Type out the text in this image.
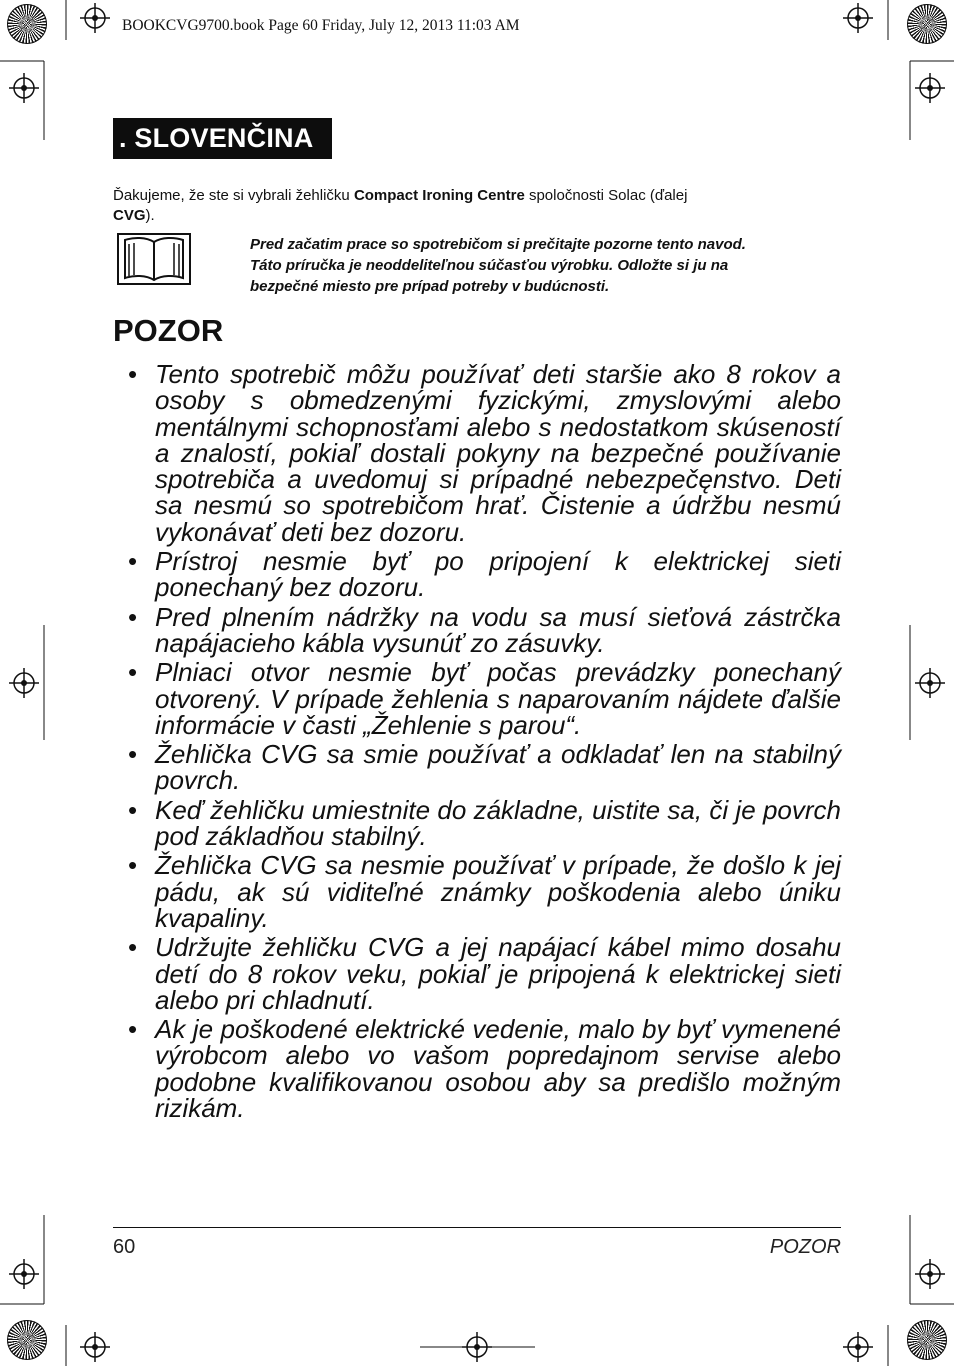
BOOKCVG9700.book Page 60 Friday, July 12, 2013 11:03 AM
. SLOVENČINA

Ďakujeme, že ste si vybrali žehličku Compact Ironing Centre spoločnosti Solac (ďalej
CVG).

Pred začatim prace so spotrebičom si prečitajte pozorne tento navod.
Táto príručka je neoddeliteľnou súčasťou výrobku. Odložte si ju na
bezpečné miesto pre prípad potreby v budúcnosti.
POZOR
• Tento spotrebič môžu používať deti staršie ako 8 rokov a osoby s obmedzenými fyzickými, zmyslovými alebo mentálnymi schopnosťami alebo s nedostatkom skúseností a znalostí, pokiaľ dostali pokyny na bezpečné používanie spotrebiča a uvedomuj si prípadné nebezpečęnstvo. Deti sa nesmú so spotrebičom hrať. Čistenie a údržbu nesmú vykonávať deti bez dozoru.
• Prístroj nesmie byť po pripojení k elektrickej sieti ponechaný bez dozoru.
• Pred plnením nádržky na vodu sa musí sieťová zástrčka napájacieho kábla vysunúť zo zásuvky.
• Plniaci otvor nesmie byť počas prevádzky ponechaný otvorený. V prípade žehlenia s naparovaním nájdete ďalšie informácie v časti „Žehlenie s parou“.
• Žehlička CVG sa smie používať a odkladať len na stabilný povrch.
• Keď žehličku umiestnite do základne, uistite sa, či je povrch pod základňou stabilný.
• Žehlička CVG sa nesmie používať v prípade, že došlo k jej pádu, ak sú viditeľné známky poškodenia alebo úniku kvapaliny.
• Udržujte žehličku CVG a jej napájací kábel mimo dosahu detí do 8 rokov veku, pokiaľ je pripojená k elektrickej sieti alebo pri chladnutí.
• Ak je poškodené elektrické vedenie, malo by byť vymenené výrobcom alebo vo vašom popredajnom servise alebo podobne kvalifikovanou osobou aby sa predišlo možným rizikám.
60	POZOR
